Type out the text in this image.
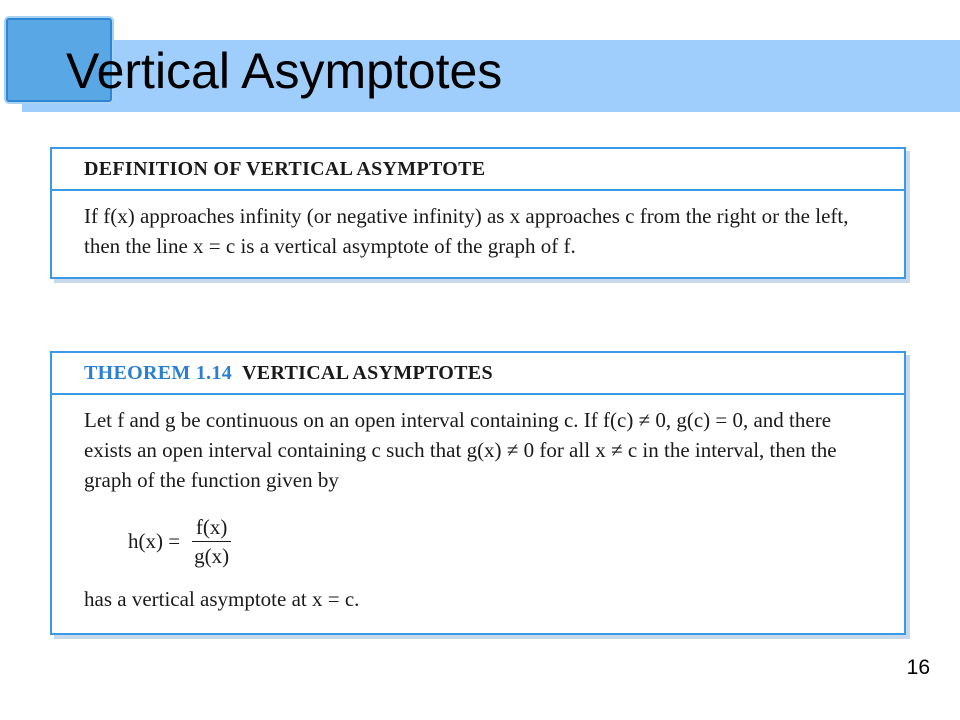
Vertical Asymptotes
DEFINITION OF VERTICAL ASYMPTOTE
If f(x) approaches infinity (or negative infinity) as x approaches c from the right or the left, then the line x = c is a vertical asymptote of the graph of f.
THEOREM 1.14 VERTICAL ASYMPTOTES
Let f and g be continuous on an open interval containing c. If f(c) ≠ 0, g(c) = 0, and there exists an open interval containing c such that g(x) ≠ 0 for all x ≠ c in the interval, then the graph of the function given by
$h(x) = \frac{f(x)}{g(x)}$
has a vertical asymptote at x = c.
16
